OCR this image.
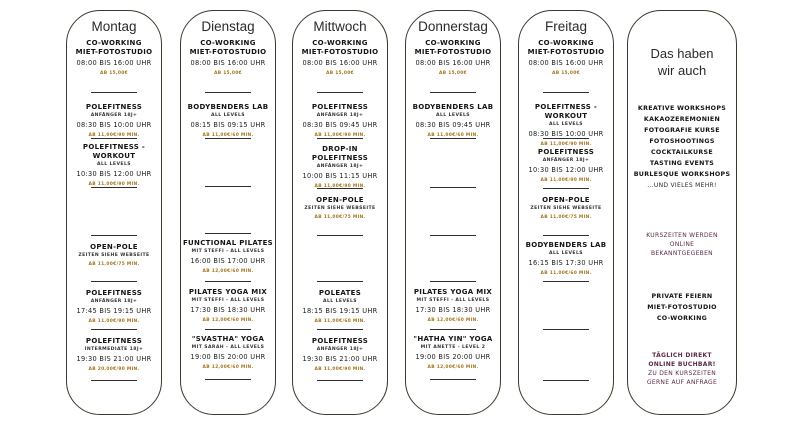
Montag
CO-WORKING
MIET-FOTOSTUDIO
08:00 BIS 16:00 UHR
AB 15,00€
POLEFITNESS
ANFÄNGER 18J+
08:30 BIS 10:00 UHR
AB 11,00€/90 MIN.
POLEFITNESS - WORKOUT
ALL LEVELS
10:30 BIS 12:00 UHR
AB 11,00€/90 MIN.
OPEN-POLE
ZEITEN SIEHE WEBSEITE
AB 11,00€/75 MIN.
POLEFITNESS
ANFÄNGER 18J+
17:45 BIS 19:15 UHR
AB 11,00€/90 MIN.
POLEFITNESS
INTERMEDIATE 18J+
19:30 BIS 21:00 UHR
AB 20,00€/90 MIN.
Dienstag
CO-WORKING
MIET-FOTOSTUDIO
08:00 BIS 16:00 UHR
AB 15,00€
BODYBENDERS LAB
ALL LEVELS
08:15 BIS 09:15 UHR
AB 11,00€/60 MIN.
FUNCTIONAL PILATES
MIT STEFFI - ALL LEVELS
16:00 BIS 17:00 UHR
AB 12,00€/60 MIN.
PILATES YOGA MIX
MIT STEFFI - ALL LEVELS
17:30 BIS 18:30 UHR
AB 12,00€/60 MIN.
"SVASTHA" YOGA
MIT SARAH - ALL LEVELS
19:00 BIS 20:00 UHR
AB 12,00€/60 MIN.
Mittwoch
CO-WORKING
MIET-FOTOSTUDIO
08:00 BIS 16:00 UHR
AB 15,00€
POLEFITNESS
ANFÄNGER 18J+
08:30 BIS 09:45 UHR
AB 11,00€/90 MIN.
DROP-IN POLEFITNESS
ANFÄNGER 18J+
10:00 BIS 11:15 UHR
AB 11,00€/90 MIN.
OPEN-POLE
ZEITEN SIEHE WEBSEITE
AB 11,00€/75 MIN.
POLEATES
ALL LEVELS
18:15 BIS 19:15 UHR
AB 11,00€/60 MIN.
POLEFITNESS
ANFÄNGER 18J+
19:30 BIS 21:00 UHR
AB 11,00€/90 MIN.
Donnerstag
CO-WORKING
MIET-FOTOSTUDIO
08:00 BIS 16:00 UHR
AB 15,00€
BODYBENDERS LAB
ALL LEVELS
08:30 BIS 09:45 UHR
AB 11,00€/60 MIN.
PILATES YOGA MIX
MIT STEFFI - ALL LEVELS
17:30 BIS 18:30 UHR
AB 12,00€/60 MIN.
"HATHA YIN" YOGA
MIT ANETTE - LEVEL 2
19:00 BIS 20:00 UHR
AB 12,00€/60 MIN.
Freitag
CO-WORKING
MIET-FOTOSTUDIO
08:00 BIS 16:00 UHR
AB 15,00€
POLEFITNESS - WORKOUT
ALL LEVELS
08:30 BIS 10:00 UHR
AB 11,00€/90 MIN.
POLEFITNESS
ANFÄNGER 18J+
10:30 BIS 12:00 UHR
AB 11,00€/90 MIN.
OPEN-POLE
ZEITEN SIEHE WEBSEITE
AB 11,00€/75 MIN.
BODYBENDERS LAB
ALL LEVELS
16:15 BIS 17:30 UHR
AB 11,00€/60 MIN.
Das haben
wir auch
KREATIVE WORKSHOPS
KAKAOZEREMONIEN
FOTOGRAFIE KURSE
FOTOSHOOTINGS
COCKTAILKURSE
TASTING EVENTS
BURLESQUE WORKSHOPS
...UND VIELES MEHR!
KURSZEITEN WERDEN
ONLINE
BEKANNTGEGEBEN
PRIVATE FEIERN
MIET-FOTOSTUDIO
CO-WORKING
TÄGLICH DIREKT
ONLINE BUCHBAR!
ZU DEN KURSZEITEN
GERNE AUF ANFRAGE
